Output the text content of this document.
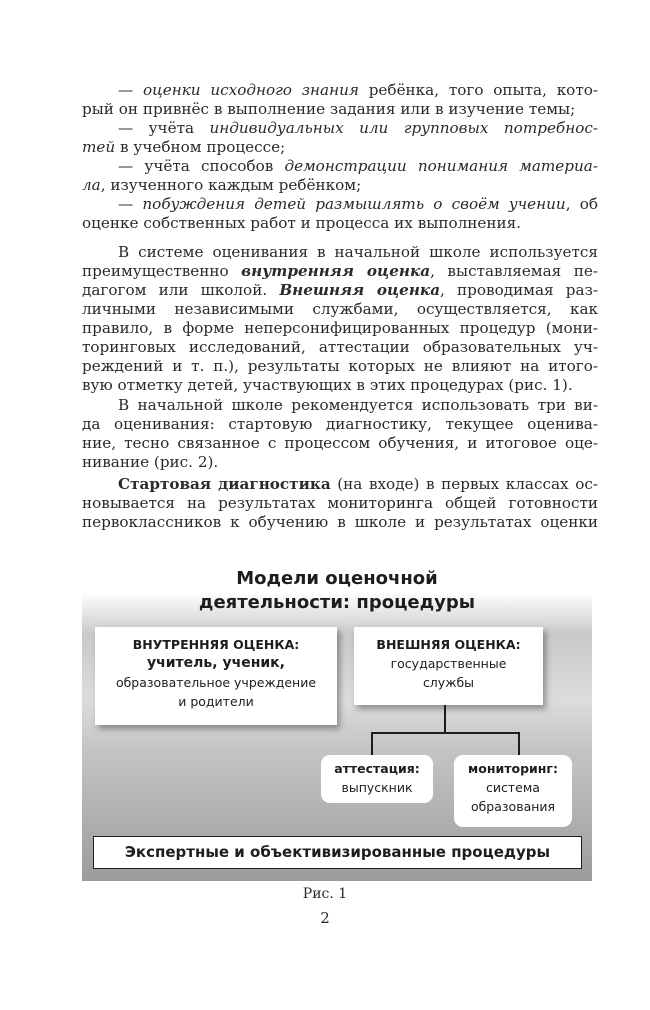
— оценки исходного знания ребёнка, того опыта, кото-
рый он привнёс в выполнение задания или в изучение темы;
— учёта индивидуальных или групповых потребнос-
тей в учебном процессе;
— учёта способов демонстрации понимания материа-
ла, изученного каждым ребёнком;
— побуждения детей размышлять о своём учении, об
оценке собственных работ и процесса их выполнения.
В системе оценивания в начальной школе используется
преимущественно внутренняя оценка, выставляемая пе-
дагогом или школой. Внешняя оценка, проводимая раз-
личными независимыми службами, осуществляется, как
правило, в форме неперсонифицированных процедур (мони-
торинговых исследований, аттестации образовательных уч-
реждений и т. п.), результаты которых не влияют на итого-
вую отметку детей, участвующих в этих процедурах (рис. 1).
В начальной школе рекомендуется использовать три ви-
да оценивания: стартовую диагностику, текущее оценива-
ние, тесно связанное с процессом обучения, и итоговое оце-
нивание (рис. 2).
Стартовая диагностика (на входе) в первых классах ос-
новывается на результатах мониторинга общей готовности
первоклассников к обучению в школе и результатах оценки
Модели оценочной
деятельности: процедуры
ВНУТРЕННЯЯ ОЦЕНКА:
учитель, ученик,
образовательное учреждение
и родители
ВНЕШНЯЯ ОЦЕНКА:
государственные
службы
аттестация:
выпускник
мониторинг:
система
образования
Экспертные и объективизированные процедуры
Рис. 1
2
